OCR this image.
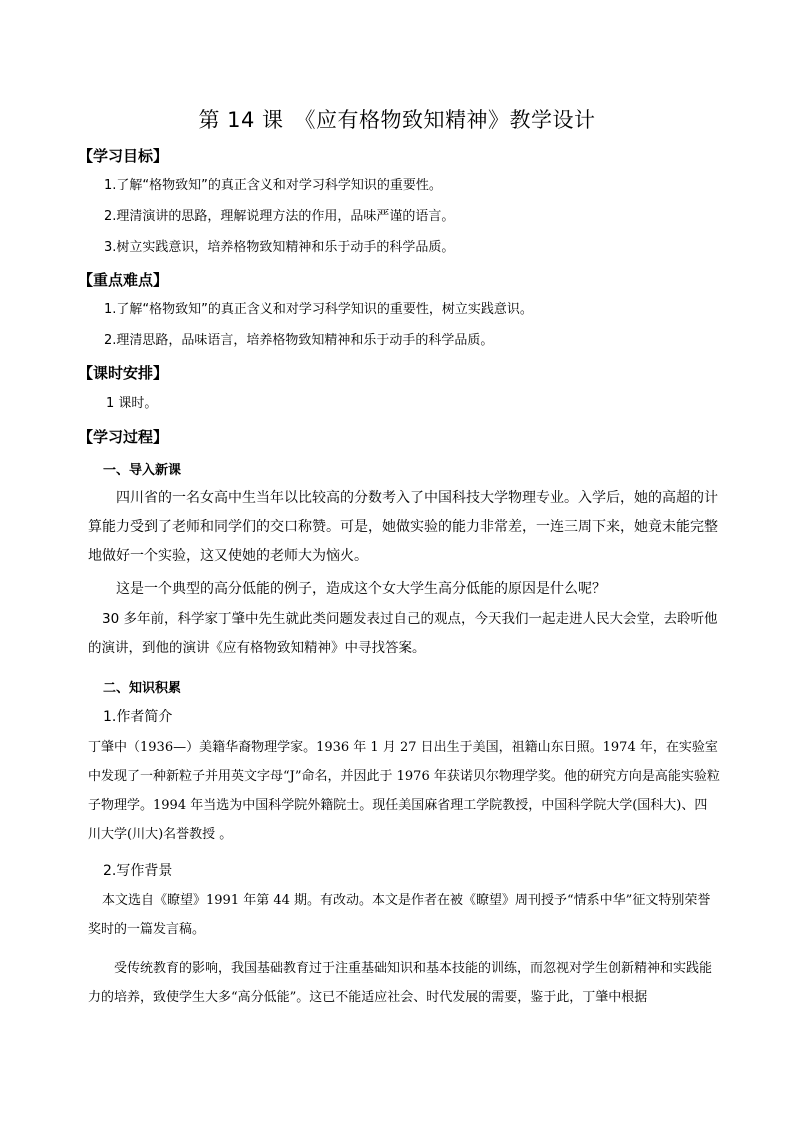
第 14 课　《应有格物致知精神》教学设计
【学习目标】
1.了解“格物致知”的真正含义和对学习科学知识的重要性。
2.理清演讲的思路，理解说理方法的作用，品味严谨的语言。
3.树立实践意识，培养格物致知精神和乐于动手的科学品质。
【重点难点】
1.了解“格物致知”的真正含义和对学习科学知识的重要性，树立实践意识。
2.理清思路，品味语言，培养格物致知精神和乐于动手的科学品质。
【课时安排】
1 课时。
【学习过程】
一、导入新课
四川省的一名女高中生当年以比较高的分数考入了中国科技大学物理专业。入学后，她的高超的计算能力受到了老师和同学们的交口称赞。可是，她做实验的能力非常差，一连三周下来，她竟未能完整地做好一个实验，这又使她的老师大为恼火。
这是一个典型的高分低能的例子，造成这个女大学生高分低能的原因是什么呢？
30 多年前，科学家丁肇中先生就此类问题发表过自己的观点，今天我们一起走进人民大会堂，去聆听他的演讲，到他的演讲《应有格物致知精神》中寻找答案。
二、知识积累
1.作者简介
丁肇中（1936—）美籍华裔物理学家。1936 年 1 月 27 日出生于美国，祖籍山东日照。1974 年，在实验室中发现了一种新粒子并用英文字母“J”命名，并因此于 1976 年获诺贝尔物理学奖。他的研究方向是高能实验粒子物理学。1994 年当选为中国科学院外籍院士。现任美国麻省理工学院教授，中国科学院大学(国科大)、四川大学(川大)名誉教授 。
2.写作背景
本文选自《瞭望》1991 年第 44 期。有改动。本文是作者在被《瞭望》周刊授予“情系中华”征文特别荣誉奖时的一篇发言稿。
受传统教育的影响，我国基础教育过于注重基础知识和基本技能的训练，而忽视对学生创新精神和实践能力的培养，致使学生大多“高分低能”。这已不能适应社会、时代发展的需要，鉴于此，丁肇中根据
